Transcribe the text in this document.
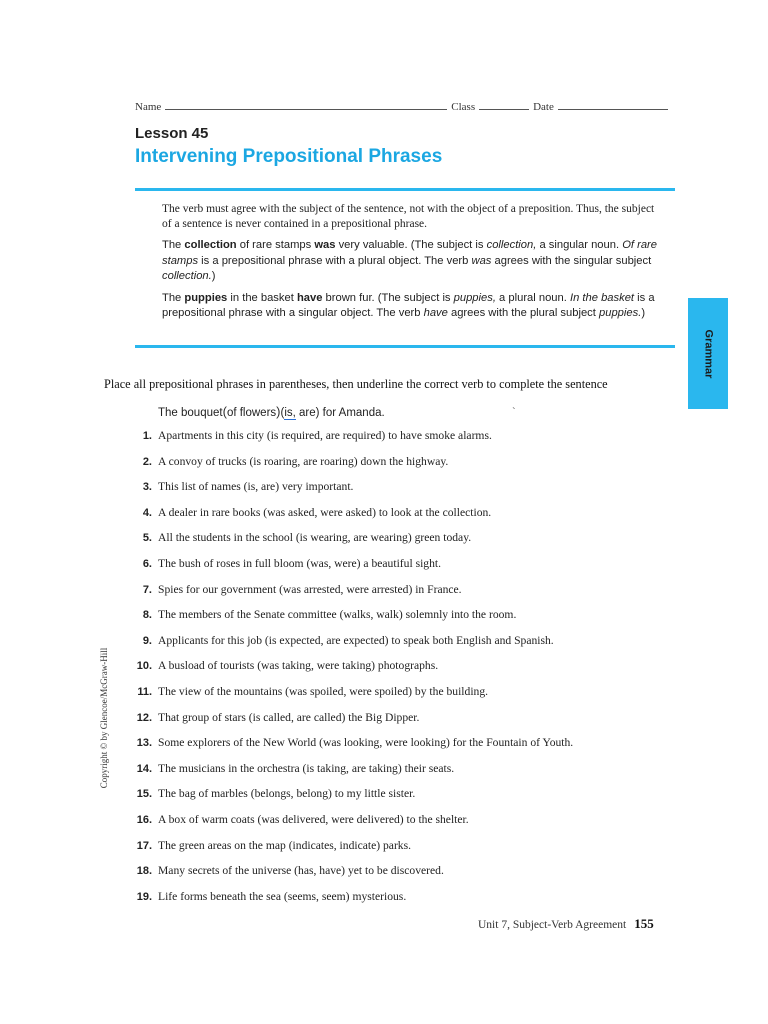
Name	Class	Date
Lesson 45
Intervening Prepositional Phrases

The verb must agree with the subject of the sentence, not with the object of a preposition. Thus, the subject of a sentence is never contained in a prepositional phrase.

The collection of rare stamps was very valuable. (The subject is collection, a singular noun. Of rare stamps is a prepositional phrase with a plural object. The verb was agrees with the singular subject collection.)

The puppies in the basket have brown fur. (The subject is puppies, a plural noun. In the basket is a prepositional phrase with a singular object. The verb have agrees with the plural subject puppies.)

Grammar
Copyright © by Glencoe/McGraw-Hill
Place all prepositional phrases in parentheses, then underline the correct verb to complete the sentence
The bouquet(of flowers)(is, are) for Amanda.	`
1. Apartments in this city (is required, are required) to have smoke alarms.
2. A convoy of trucks (is roaring, are roaring) down the highway.
3. This list of names (is, are) very important.
4. A dealer in rare books (was asked, were asked) to look at the collection.
5. All the students in the school (is wearing, are wearing) green today.
6. The bush of roses in full bloom (was, were) a beautiful sight.
7. Spies for our government (was arrested, were arrested) in France.
8. The members of the Senate committee (walks, walk) solemnly into the room.
9. Applicants for this job (is expected, are expected) to speak both English and Spanish.
10. A busload of tourists (was taking, were taking) photographs.
11. The view of the mountains (was spoiled, were spoiled) by the building.
12. That group of stars (is called, are called) the Big Dipper.
13. Some explorers of the New World (was looking, were looking) for the Fountain of Youth.
14. The musicians in the orchestra (is taking, are taking) their seats.
15. The bag of marbles (belongs, belong) to my little sister.
16. A box of warm coats (was delivered, were delivered) to the shelter.
17. The green areas on the map (indicates, indicate) parks.
18. Many secrets of the universe (has, have) yet to be discovered.
19. Life forms beneath the sea (seems, seem) mysterious.
Unit 7, Subject-Verb Agreement 155
